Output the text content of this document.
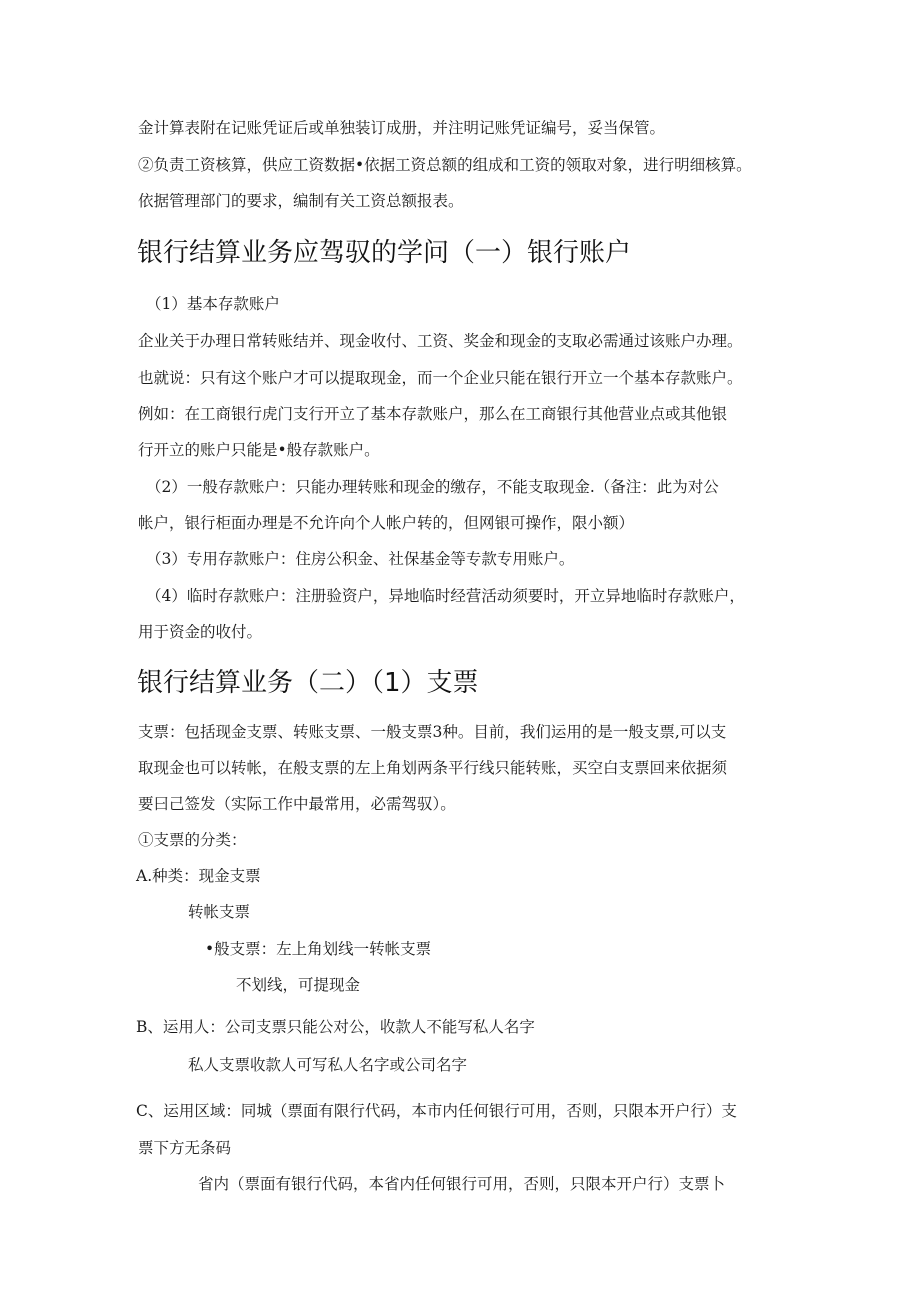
金计算表附在记账凭证后或单独装订成册，并注明记账凭证编号，妥当保管。
②负责工资核算，供应工资数据•依据工资总额的组成和工资的领取对象，进行明细核算。
依据管理部门的要求，编制有关工资总额报表。
银行结算业务应驾驭的学问（一）银行账户
（1）基本存款账户
企业关于办理日常转账结并、现金收付、工资、奖金和现金的支取必需通过该账户办理。
也就说：只有这个账户才可以提取现金，而一个企业只能在银行开立一个基本存款账户。
例如：在工商银行虎门支行开立了基本存款账户，那么在工商银行其他营业点或其他银
行开立的账户只能是•般存款账户。
（2）一般存款账户：只能办理转账和现金的缴存，不能支取现金.（备注：此为对公
帐户，银行柜面办理是不允许向个人帐户转的，但网银可操作，限小额）
（3）专用存款账户：住房公积金、社保基金等专款专用账户。
（4）临时存款账户：注册验资户，异地临时经营活动须要时，开立异地临时存款账户，
用于资金的收付。
银行结算业务（二）（1）支票
支票：包括现金支票、转账支票、一般支票3种。目前，我们运用的是一般支票,可以支
取现金也可以转帐，在般支票的左上角划两条平行线只能转账，买空白支票回来依据须
要曰己签发（实际工作中最常用，必需驾驭）。
①支票的分类：
A.种类：现金支票
转帐支票
•般支票：左上角划线一转帐支票
不划线，可提现金
B、运用人：公司支票只能公对公，收款人不能写私人名字
私人支票收款人可写私人名字或公司名字
C、运用区域：同城（票面有限行代码，本市内任何银行可用，否则，只限本开户行）支
票下方无条码
省内（票面有银行代码，本省内任何银行可用，否则，只限本开户行）支票卜
